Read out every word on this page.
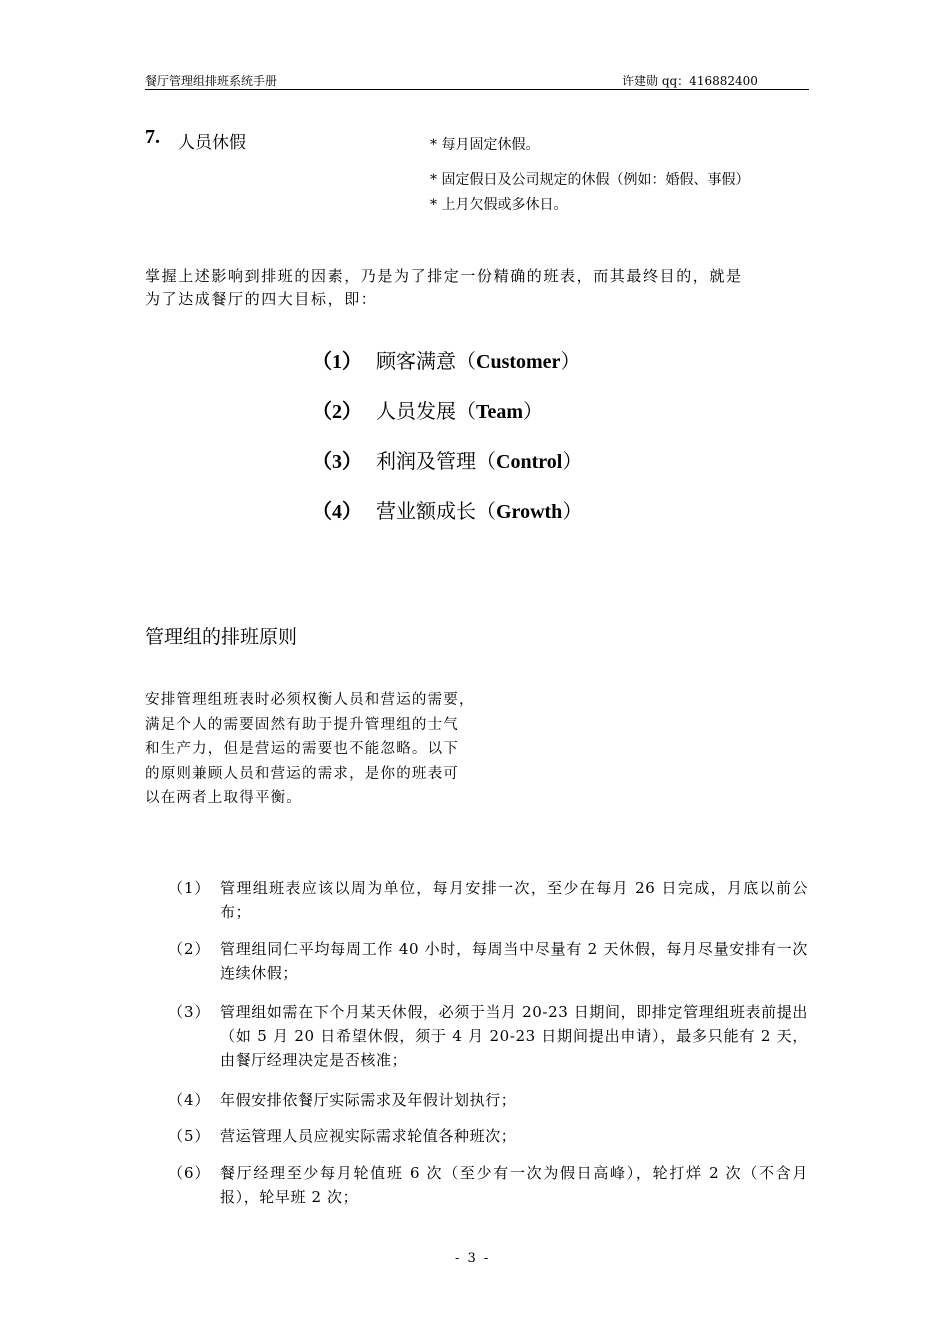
餐厅管理组排班系统手册	许建勋 qq：416882400
7. 人员休假	* 每月固定休假。
* 固定假日及公司规定的休假（例如：婚假、事假）
* 上月欠假或多休日。
掌握上述影响到排班的因素，乃是为了排定一份精确的班表，而其最终目的，就是
为了达成餐厅的四大目标，即：
（1） 顾客满意（Customer）
（2） 人员发展（Team）
（3） 利润及管理（Control）
（4） 营业额成长（Growth）
管理组的排班原则
安排管理组班表时必须权衡人员和营运的需要，
满足个人的需要固然有助于提升管理组的士气
和生产力，但是营运的需要也不能忽略。以下
的原则兼顾人员和营运的需求，是你的班表可
以在两者上取得平衡。
（1） 管理组班表应该以周为单位，每月安排一次，至少在每月 26 日完成，月底以前公布；
（2） 管理组同仁平均每周工作 40 小时，每周当中尽量有 2 天休假，每月尽量安排有一次连续休假；
（3） 管理组如需在下个月某天休假，必须于当月 20-23 日期间，即排定管理组班表前提出（如 5 月 20 日希望休假，须于 4 月 20-23 日期间提出申请），最多只能有 2 天，由餐厅经理决定是否核准；
（4） 年假安排依餐厅实际需求及年假计划执行；
（5） 营运管理人员应视实际需求轮值各种班次；
（6） 餐厅经理至少每月轮值班 6 次（至少有一次为假日高峰），轮打烊 2 次（不含月报），轮早班 2 次；
- 3 -
